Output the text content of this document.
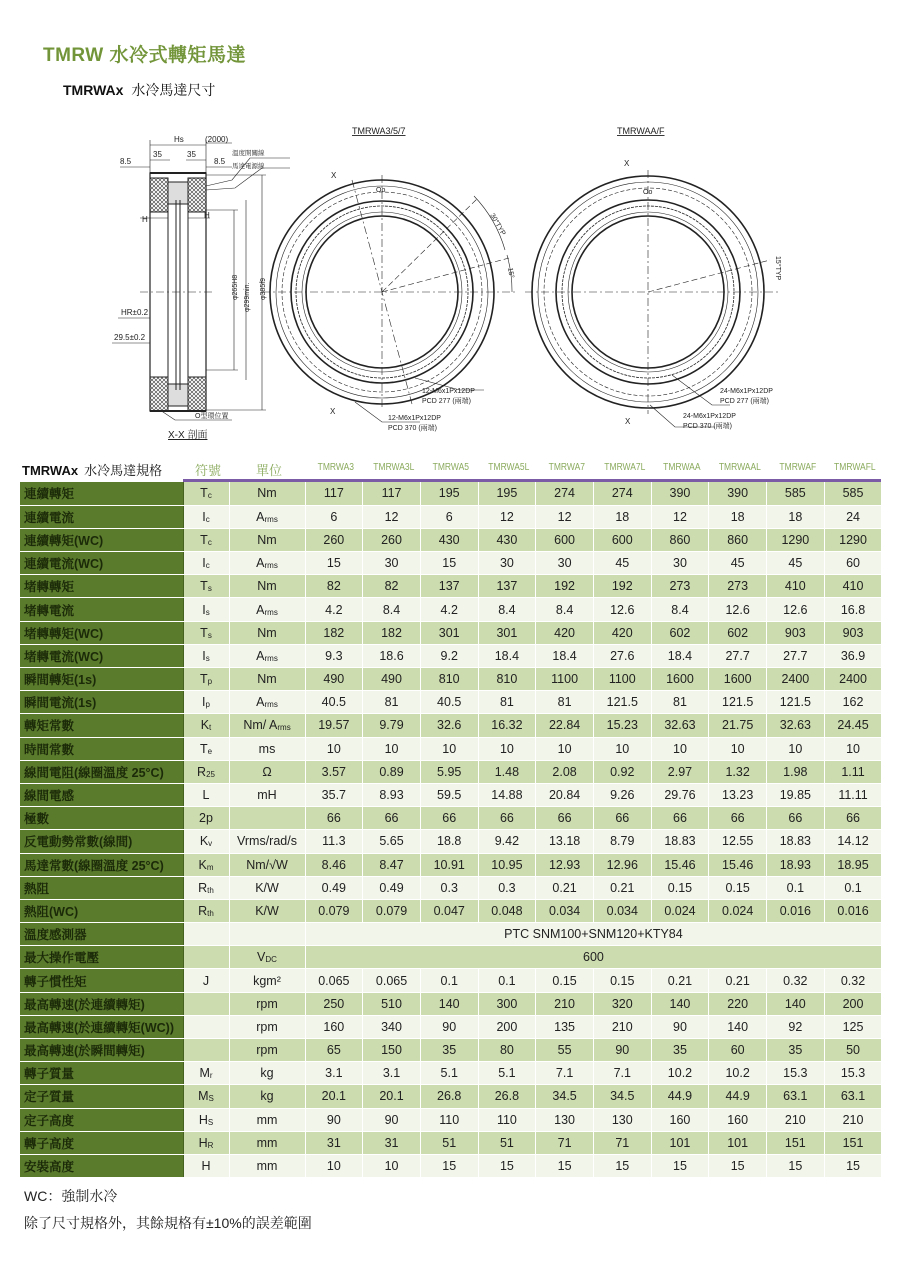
TMRW 水冷式轉矩馬達
TMRWAx 水冷馬達尺寸
Hs	(2000)
35	35
8.5	8.5
溫度開關線
馬達電源線
H	H
HR±0.2
29.5±0.2
φ265H8 φ299min. φ385f9
O型環位置
X-X 剖面
TMRWA3/5/7
X
X
Oo
30°TYP
15°
12-M6x1Px12DP
PCD 277 (兩端)
12-M6x1Px12DP
PCD 370 (兩端)
TMRWAA/F
X
X
Oo
15°TYP
24-M6x1Px12DP
PCD 277 (兩端)
24-M6x1Px12DP
PCD 370 (兩端)
TMRWAx 水冷馬達規格	符號	單位	TMRWA3	TMRWA3L	TMRWA5	TMRWA5L	TMRWA7	TMRWA7L	TMRWAA	TMRWAAL	TMRWAF	TMRWAFL
連續轉矩	$T_c$	Nm	117	117	195	195	274	274	390	390	585	585
連續電流	$I_c$	$A_{rms}$	6	12	6	12	12	18	12	18	18	24
連續轉矩(WC)	$T_c$	Nm	260	260	430	430	600	600	860	860	1290	1290
連續電流(WC)	$I_c$	$A_{rms}$	15	30	15	30	30	45	30	45	45	60
堵轉轉矩	$T_s$	Nm	82	82	137	137	192	192	273	273	410	410
堵轉電流	$I_s$	$A_{rms}$	4.2	8.4	4.2	8.4	8.4	12.6	8.4	12.6	12.6	16.8
堵轉轉矩(WC)	$T_s$	Nm	182	182	301	301	420	420	602	602	903	903
堵轉電流(WC)	$I_s$	$A_{rms}$	9.3	18.6	9.2	18.4	18.4	27.6	18.4	27.7	27.7	36.9
瞬間轉矩(1s)	$T_p$	Nm	490	490	810	810	1100	1100	1600	1600	2400	2400
瞬間電流(1s)	$I_p$	$A_{rms}$	40.5	81	40.5	81	81	121.5	81	121.5	121.5	162
轉矩常數	$K_t$	Nm/ $A_{rms}$	19.57	9.79	32.6	16.32	22.84	15.23	32.63	21.75	32.63	24.45
時間常數	$T_e$	ms	10	10	10	10	10	10	10	10	10	10
線間電阻(線圈溫度 25°C)	$R_{25}$	Ω	3.57	0.89	5.95	1.48	2.08	0.92	2.97	1.32	1.98	1.11
線間電感	L	mH	35.7	8.93	59.5	14.88	20.84	9.26	29.76	13.23	19.85	11.11
極數	2p		66	66	66	66	66	66	66	66	66	66
反電動勢常數(線間)	$K_v$	Vrms/rad/s	11.3	5.65	18.8	9.42	13.18	8.79	18.83	12.55	18.83	14.12
馬達常數(線圈溫度 25°C)	$K_m$	Nm/√W	8.46	8.47	10.91	10.95	12.93	12.96	15.46	15.46	18.93	18.95
熱阻	$R_{th}$	K/W	0.49	0.49	0.3	0.3	0.21	0.21	0.15	0.15	0.1	0.1
熱阻(WC)	$R_{th}$	K/W	0.079	0.079	0.047	0.048	0.034	0.034	0.024	0.024	0.016	0.016
溫度感測器			PTC SNM100+SNM120+KTY84									
最大操作電壓		$V_{DC}$	600									
轉子慣性矩	J	kgm²	0.065	0.065	0.1	0.1	0.15	0.15	0.21	0.21	0.32	0.32
最高轉速(於連續轉矩)		rpm	250	510	140	300	210	320	140	220	140	200
最高轉速(於連續轉矩(WC))		rpm	160	340	90	200	135	210	90	140	92	125
最高轉速(於瞬間轉矩)		rpm	65	150	35	80	55	90	35	60	35	50
轉子質量	$M_r$	kg	3.1	3.1	5.1	5.1	7.1	7.1	10.2	10.2	15.3	15.3
定子質量	$M_S$	kg	20.1	20.1	26.8	26.8	34.5	34.5	44.9	44.9	63.1	63.1
定子高度	$H_S$	mm	90	90	110	110	130	130	160	160	210	210
轉子高度	$H_R$	mm	31	31	51	51	71	71	101	101	151	151
安裝高度	H	mm	10	10	15	15	15	15	15	15	15	15
WC：強制水冷
除了尺寸規格外，其餘規格有±10%的誤差範圍
